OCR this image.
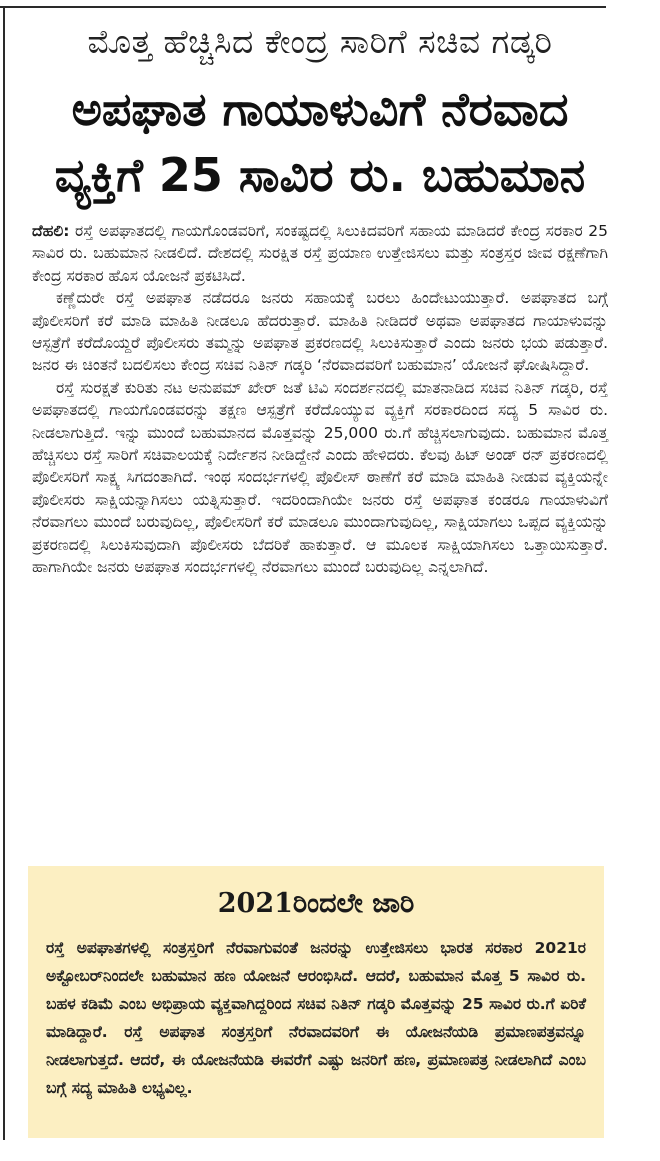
ಮೊತ್ತ ಹೆಚ್ಚಿಸಿದ ಕೇಂದ್ರ ಸಾರಿಗೆ ಸಚಿವ ಗಡ್ಕರಿ
ಅಪಘಾತ ಗಾಯಾಳುವಿಗೆ ನೆರವಾದ
ವ್ಯಕ್ತಿಗೆ 25 ಸಾವಿರ ರು. ಬಹುಮಾನ

ದೆಹಲಿ: ರಸ್ತೆ ಅಪಘಾತದಲ್ಲಿ ಗಾಯಗೊಂಡವರಿಗೆ, ಸಂಕಷ್ಟದಲ್ಲಿ ಸಿಲುಕಿದವರಿಗೆ ಸಹಾಯ ಮಾಡಿದರೆ ಕೇಂದ್ರ ಸರಕಾರ 25 ಸಾವಿರ ರು. ಬಹುಮಾನ ನೀಡಲಿದೆ. ದೇಶದಲ್ಲಿ ಸುರಕ್ಷಿತ ರಸ್ತೆ ಪ್ರಯಾಣ ಉತ್ತೇಜಿಸಲು ಮತ್ತು ಸಂತ್ರಸ್ತರ ಜೀವ ರಕ್ಷಣೆಗಾಗಿ ಕೇಂದ್ರ ಸರಕಾರ ಹೊಸ ಯೋಜನೆ ಪ್ರಕಟಿಸಿದೆ.

ಕಣ್ಣೆದುರೇ ರಸ್ತೆ ಅಪಘಾತ ನಡೆದರೂ ಜನರು ಸಹಾಯಕ್ಕೆ ಬರಲು ಹಿಂದೇಟುಯುತ್ತಾರೆ. ಅಪಘಾತದ ಬಗ್ಗೆ ಪೊಲೀಸರಿಗೆ ಕರೆ ಮಾಡಿ ಮಾಹಿತಿ ನೀಡಲೂ ಹೆದರುತ್ತಾರೆ. ಮಾಹಿತಿ ನೀಡಿದರೆ ಅಥವಾ ಅಪಘಾತದ ಗಾಯಾಳುವನ್ನು ಆಸ್ಪತ್ರೆಗೆ ಕರೆದೊಯ್ದರೆ ಪೊಲೀಸರು ತಮ್ಮನ್ನು ಅಪಘಾತ ಪ್ರಕರಣದಲ್ಲಿ ಸಿಲುಕಿಸುತ್ತಾರೆ ಎಂದು ಜನರು ಭಯ ಪಡುತ್ತಾರೆ. ಜನರ ಈ ಚಿಂತನೆ ಬದಲಿಸಲು ಕೇಂದ್ರ ಸಚಿವ ನಿತಿನ್ ಗಡ್ಕರಿ ‘ನೆರವಾದವರಿಗೆ ಬಹುಮಾನ’ ಯೋಜನೆ ಘೋಷಿಸಿದ್ದಾರೆ.

ರಸ್ತೆ ಸುರಕ್ಷತೆ ಕುರಿತು ನಟ ಅನುಪಮ್ ಖೇರ್ ಜತೆ ಟಿವಿ ಸಂದರ್ಶನದಲ್ಲಿ ಮಾತನಾಡಿದ ಸಚಿವ ನಿತಿನ್ ಗಡ್ಕರಿ, ರಸ್ತೆ ಅಪಘಾತದಲ್ಲಿ ಗಾಯಗೊಂಡವರನ್ನು ತಕ್ಷಣ ಆಸ್ಪತ್ರೆಗೆ ಕರೆದೊಯ್ಯುವ ವ್ಯಕ್ತಿಗೆ ಸರಕಾರದಿಂದ ಸದ್ಯ 5 ಸಾವಿರ ರು. ನೀಡಲಾಗುತ್ತಿದೆ. ಇನ್ನು ಮುಂದೆ ಬಹುಮಾನದ ಮೊತ್ತವನ್ನು 25,000 ರು.ಗೆ ಹೆಚ್ಚಿಸಲಾಗುವುದು. ಬಹುಮಾನ ಮೊತ್ತ ಹೆಚ್ಚಿಸಲು ರಸ್ತೆ ಸಾರಿಗೆ ಸಚಿವಾಲಯಕ್ಕೆ ನಿರ್ದೇಶನ ನೀಡಿದ್ದೇನೆ ಎಂದು ಹೇಳಿದರು. ಕೆಲವು ಹಿಟ್ ಅಂಡ್ ರನ್ ಪ್ರಕರಣದಲ್ಲಿ ಪೊಲೀಸರಿಗೆ ಸಾಕ್ಷ್ಯ ಸಿಗದಂತಾಗಿದೆ. ಇಂಥ ಸಂದರ್ಭಗಳಲ್ಲಿ ಪೊಲೀಸ್ ಠಾಣೆಗೆ ಕರೆ ಮಾಡಿ ಮಾಹಿತಿ ನೀಡುವ ವ್ಯಕ್ತಿಯನ್ನೇ ಪೊಲೀಸರು ಸಾಕ್ಷಿಯನ್ನಾಗಿಸಲು ಯತ್ನಿಸುತ್ತಾರೆ. ಇದರಿಂದಾಗಿಯೇ ಜನರು ರಸ್ತೆ ಅಪಘಾತ ಕಂಡರೂ ಗಾಯಾಳುವಿಗೆ ನೆರವಾಗಲು ಮುಂದೆ ಬರುವುದಿಲ್ಲ, ಪೊಲೀಸರಿಗೆ ಕರೆ ಮಾಡಲೂ ಮುಂದಾಗುವುದಿಲ್ಲ, ಸಾಕ್ಷಿಯಾಗಲು ಒಪ್ಪದ ವ್ಯಕ್ತಿಯನ್ನು ಪ್ರಕರಣದಲ್ಲಿ ಸಿಲುಕಿಸುವುದಾಗಿ ಪೊಲೀಸರು ಬೆದರಿಕೆ ಹಾಕುತ್ತಾರೆ. ಆ ಮೂಲಕ ಸಾಕ್ಷಿಯಾಗಿಸಲು ಒತ್ತಾಯಿಸುತ್ತಾರೆ. ಹಾಗಾಗಿಯೇ ಜನರು ಅಪಘಾತ ಸಂದರ್ಭಗಳಲ್ಲಿ ನೆರವಾಗಲು ಮುಂದೆ ಬರುವುದಿಲ್ಲ ಎನ್ನಲಾಗಿದೆ.

2021ರಿಂದಲೇ ಜಾರಿ
ರಸ್ತೆ ಅಪಘಾತಗಳಲ್ಲಿ ಸಂತ್ರಸ್ತರಿಗೆ ನೆರವಾಗುವಂತೆ ಜನರನ್ನು ಉತ್ತೇಜಿಸಲು ಭಾರತ ಸರಕಾರ 2021ರ ಅಕ್ಟೋಬರ್‌ನಿಂದಲೇ ಬಹುಮಾನ ಹಣ ಯೋಜನೆ ಆರಂಭಿಸಿದೆ. ಆದರೆ, ಬಹುಮಾನ ಮೊತ್ತ 5 ಸಾವಿರ ರು. ಬಹಳ ಕಡಿಮೆ ಎಂಬ ಅಭಿಪ್ರಾಯ ವ್ಯಕ್ತವಾಗಿದ್ದರಿಂದ ಸಚಿವ ನಿತಿನ್ ಗಡ್ಕರಿ ಮೊತ್ತವನ್ನು 25 ಸಾವಿರ ರು.ಗೆ ಏರಿಕೆ ಮಾಡಿದ್ದಾರೆ. ರಸ್ತೆ ಅಪಘಾತ ಸಂತ್ರಸ್ತರಿಗೆ ನೆರವಾದವರಿಗೆ ಈ ಯೋಜನೆಯಡಿ ಪ್ರಮಾಣಪತ್ರವನ್ನೂ ನೀಡಲಾಗುತ್ತದೆ. ಆದರೆ, ಈ ಯೋಜನೆಯಡಿ ಈವರೆಗೆ ಎಷ್ಟು ಜನರಿಗೆ ಹಣ, ಪ್ರಮಾಣಪತ್ರ ನೀಡಲಾಗಿದೆ ಎಂಬ ಬಗ್ಗೆ ಸದ್ಯ ಮಾಹಿತಿ ಲಭ್ಯವಿಲ್ಲ.
